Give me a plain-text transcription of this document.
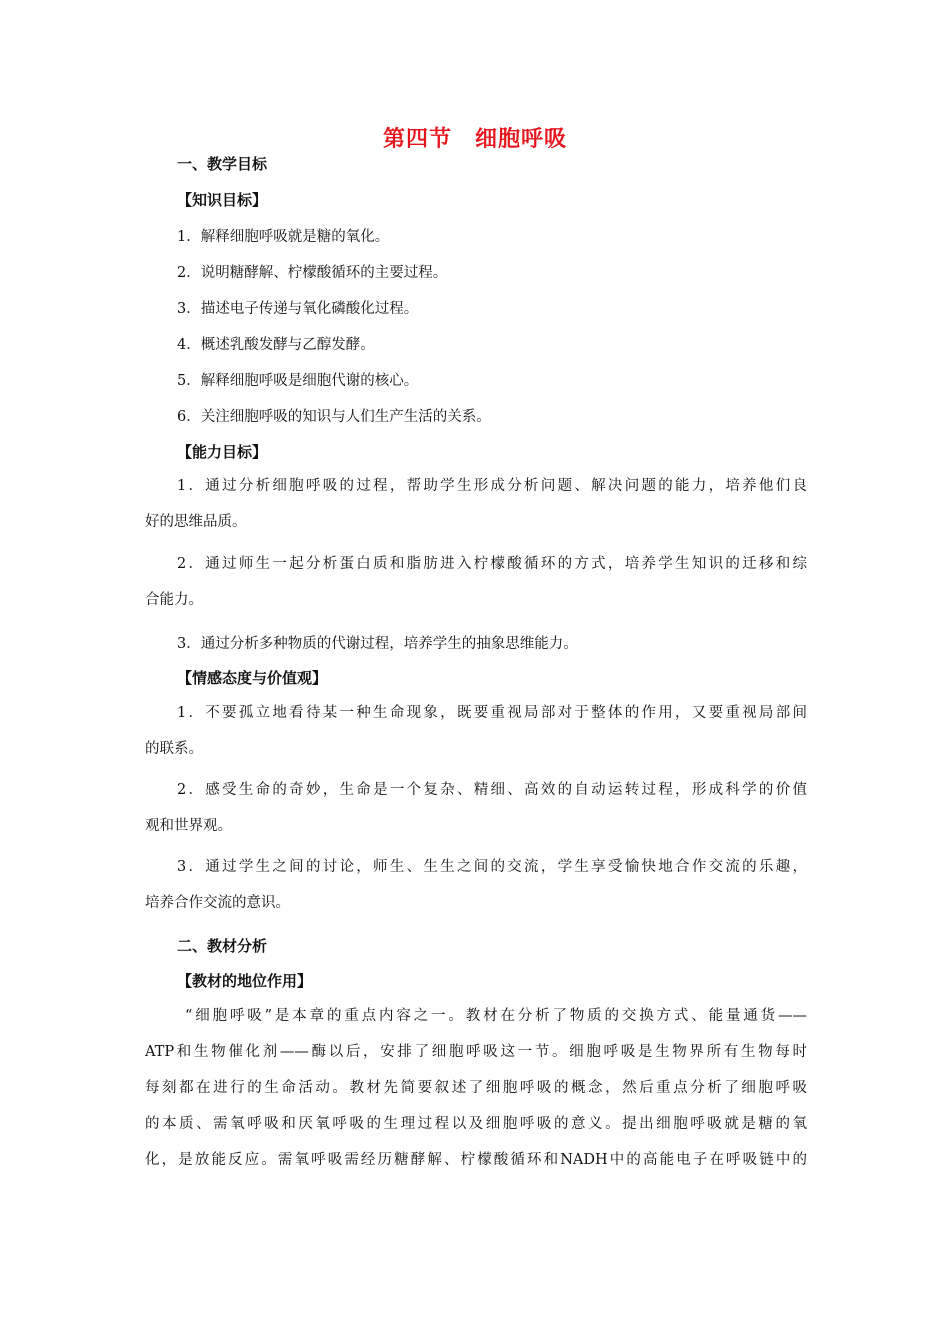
第四节　细胞呼吸
一、教学目标
【知识目标】
1．解释细胞呼吸就是糖的氧化。
2．说明糖酵解、柠檬酸循环的主要过程。
3．描述电子传递与氧化磷酸化过程。
4．概述乳酸发酵与乙醇发酵。
5．解释细胞呼吸是细胞代谢的核心。
6．关注细胞呼吸的知识与人们生产生活的关系。
【能力目标】
1．通过分析细胞呼吸的过程，帮助学生形成分析问题、解决问题的能力，培养他们良
好的思维品质。
2．通过师生一起分析蛋白质和脂肪进入柠檬酸循环的方式，培养学生知识的迁移和综
合能力。
3．通过分析多种物质的代谢过程，培养学生的抽象思维能力。
【情感态度与价值观】
1．不要孤立地看待某一种生命现象，既要重视局部对于整体的作用，又要重视局部间
的联系。
2．感受生命的奇妙，生命是一个复杂、精细、高效的自动运转过程，形成科学的价值
观和世界观。
3．通过学生之间的讨论，师生、生生之间的交流，学生享受愉快地合作交流的乐趣，
培养合作交流的意识。
二、教材分析
【教材的地位作用】
“细胞呼吸”是本章的重点内容之一。教材在分析了物质的交换方式、能量通货——
ATP和生物催化剂——酶以后，安排了细胞呼吸这一节。细胞呼吸是生物界所有生物每时
每刻都在进行的生命活动。教材先简要叙述了细胞呼吸的概念，然后重点分析了细胞呼吸
的本质、需氧呼吸和厌氧呼吸的生理过程以及细胞呼吸的意义。提出细胞呼吸就是糖的氧
化，是放能反应。需氧呼吸需经历糖酵解、柠檬酸循环和NADH中的高能电子在呼吸链中的
